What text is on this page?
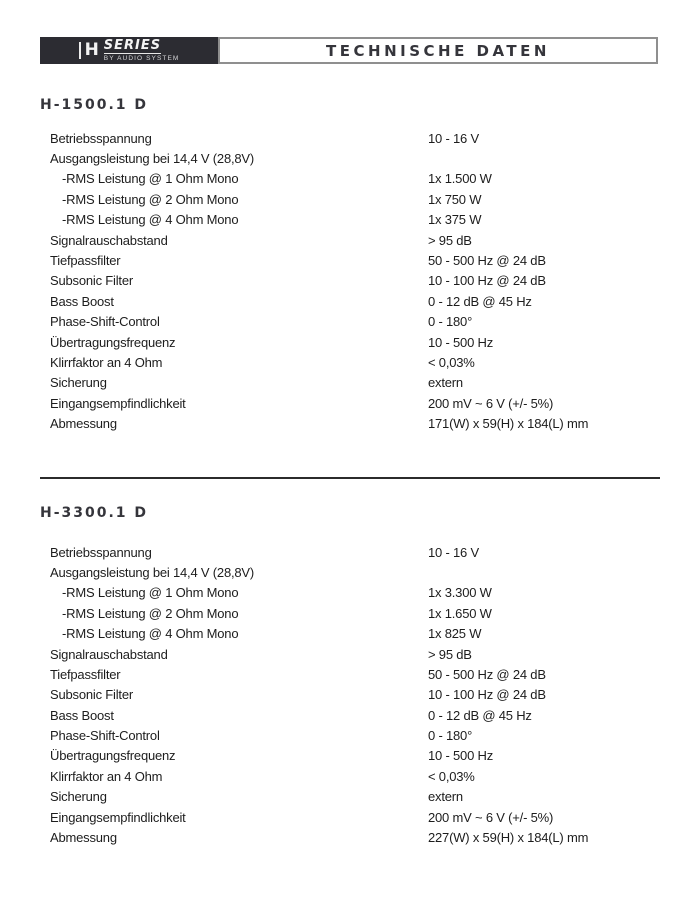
H SERIES
BY AUDIO SYSTEM	TECHNISCHE DATEN
H-1500.1 D
Betriebsspannung	10 - 16 V
Ausgangsleistung bei 14,4 V (28,8V)
-RMS Leistung @ 1 Ohm Mono	1x 1.500 W
-RMS Leistung @ 2 Ohm Mono	1x 750 W
-RMS Leistung @ 4 Ohm Mono	1x 375 W
Signalrauschabstand	> 95 dB
Tiefpassfilter	50 - 500 Hz @ 24 dB
Subsonic Filter	10 - 100 Hz @ 24 dB
Bass Boost	0 - 12 dB @ 45 Hz
Phase-Shift-Control	0 - 180°
Übertragungsfrequenz	10 - 500 Hz
Klirrfaktor an 4 Ohm	< 0,03%
Sicherung	extern
Eingangsempfindlichkeit	200 mV ~ 6 V (+/- 5%)
Abmessung	171(W) x 59(H) x 184(L) mm
H-3300.1 D
Betriebsspannung	10 - 16 V
Ausgangsleistung bei 14,4 V (28,8V)
-RMS Leistung @ 1 Ohm Mono	1x 3.300 W
-RMS Leistung @ 2 Ohm Mono	1x 1.650 W
-RMS Leistung @ 4 Ohm Mono	1x 825 W
Signalrauschabstand	> 95 dB
Tiefpassfilter	50 - 500 Hz @ 24 dB
Subsonic Filter	10 - 100 Hz @ 24 dB
Bass Boost	0 - 12 dB @ 45 Hz
Phase-Shift-Control	0 - 180°
Übertragungsfrequenz	10 - 500 Hz
Klirrfaktor an 4 Ohm	< 0,03%
Sicherung	extern
Eingangsempfindlichkeit	200 mV ~ 6 V (+/- 5%)
Abmessung	227(W) x 59(H) x 184(L) mm
